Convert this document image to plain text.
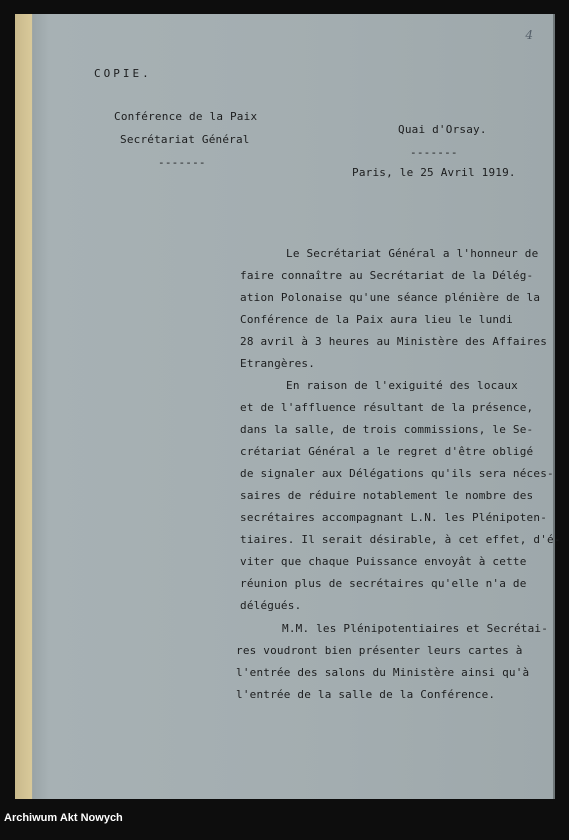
4
COPIE.
Conférence de la Paix
Secrétariat Général
-------
Quai d'Orsay.
-------
Paris, le 25 Avril 1919.
Le Secrétariat Général a l'honneur de
faire connaître au Secrétariat de la Délég-
ation Polonaise qu'une séance plénière de la
Conférence de la Paix aura lieu le lundi
28 avril à 3 heures au Ministère des Affaires
Etrangères.
En raison de l'exiguité des locaux
et de l'affluence résultant de la présence,
dans la salle, de trois commissions, le Se-
crétariat Général a le regret d'être obligé
de signaler aux Délégations qu'ils sera néces-
saires de réduire notablement le nombre des
secrétaires accompagnant L.N. les Plénipoten-
tiaires. Il serait désirable, à cet effet, d'é-
viter que chaque Puissance envoyât à cette
réunion plus de secrétaires qu'elle n'a de
délégués.
M.M. les Plénipotentiaires et Secrétai-
res voudront bien présenter leurs cartes à
l'entrée des salons du Ministère ainsi qu'à
l'entrée de la salle de la Conférence.
Archiwum Akt Nowych
